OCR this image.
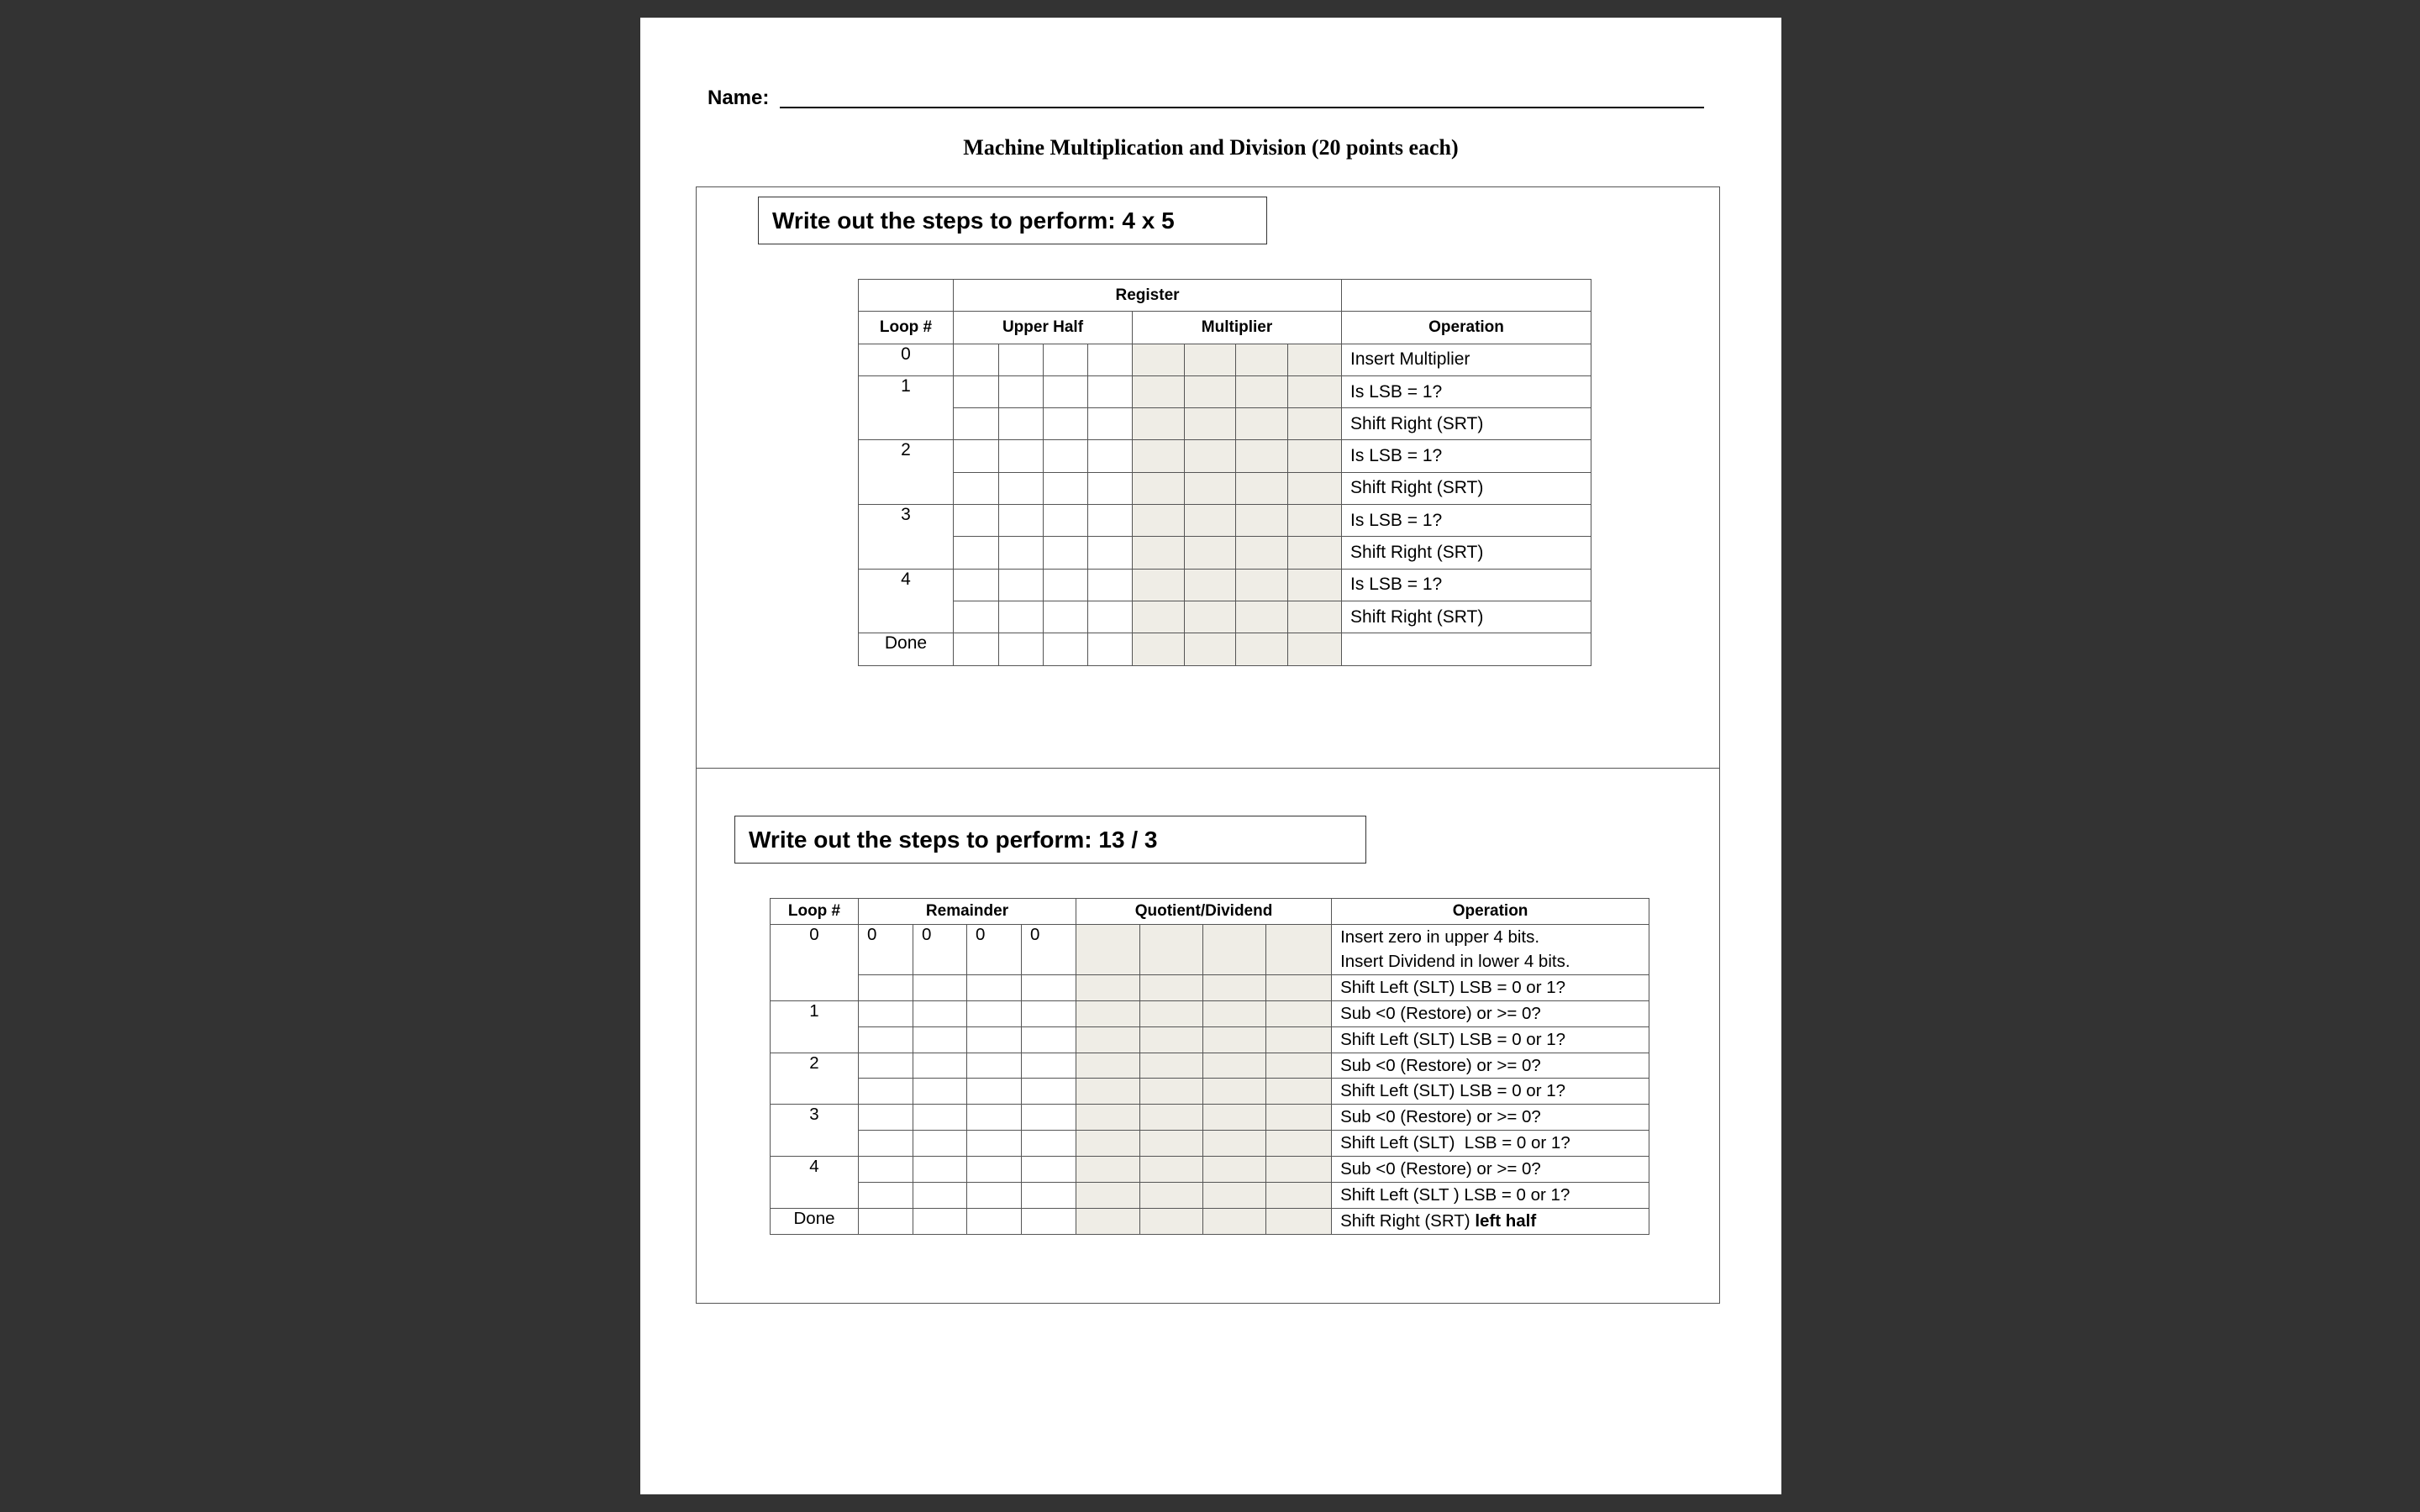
Name:
Machine Multiplication and Division (20 points each)
Write out the steps to perform: 4 x 5
Write out the steps to perform: 13 / 3
	Register								
Loop #	Upper Half				Multiplier				Operation
0									Insert Multiplier
1									Is LSB = 1?
									Shift Right (SRT)
2									Is LSB = 1?
									Shift Right (SRT)
3									Is LSB = 1?
									Shift Right (SRT)
4									Is LSB = 1?
									Shift Right (SRT)
Done									
Loop #	Remainder				Quotient/Dividend				Operation
0	0	0	0	0					Insert zero in upper 4 bits.
Insert Dividend in lower 4 bits.

									Shift Left (SLT) LSB = 0 or 1?
1									Sub <0 (Restore) or >= 0?
									Shift Left (SLT) LSB = 0 or 1?
2									Sub <0 (Restore) or >= 0?
									Shift Left (SLT) LSB = 0 or 1?
3									Sub <0 (Restore) or >= 0?
									Shift Left (SLT)  LSB = 0 or 1?
4									Sub <0 (Restore) or >= 0?
									Shift Left (SLT ) LSB = 0 or 1?
Done									Shift Right (SRT) left half
